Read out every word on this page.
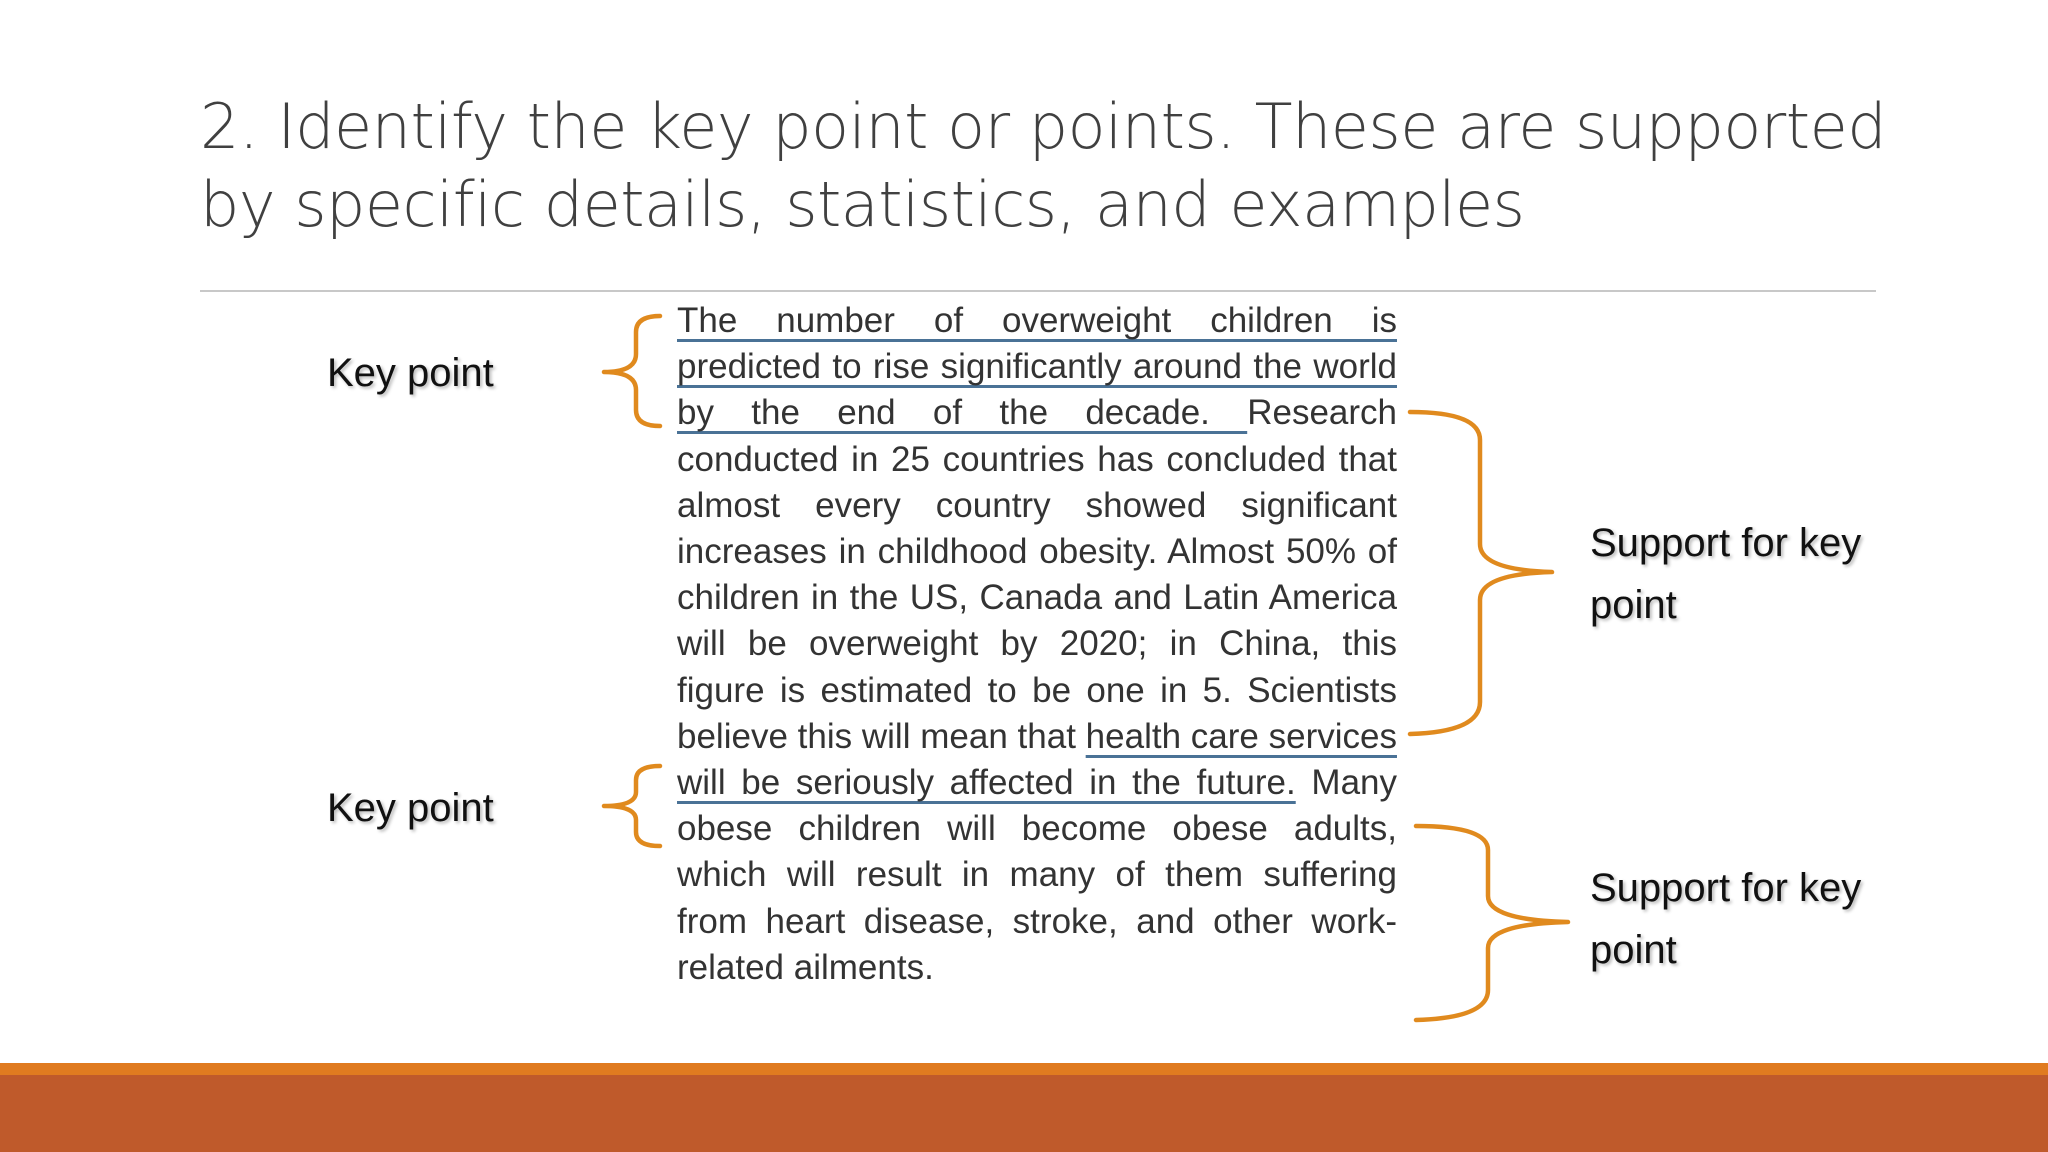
2. Identify the key point or points. These are supported by specific details, statistics, and examples

The number of overweight children is predicted to rise significantly around the world by the end of the decade. Research conducted in 25 countries has concluded that almost every country showed significant increases in childhood obesity. Almost 50% of children in the US, Canada and Latin America will be overweight by 2020; in China, this figure is estimated to be one in 5. Scientists believe this will mean that health care services will be seriously affected in the future. Many obese children will become obese adults, which will result in many of them suffering from heart disease, stroke, and other work-related ailments.

Key point
Key point
Support for key point
Support for key point
